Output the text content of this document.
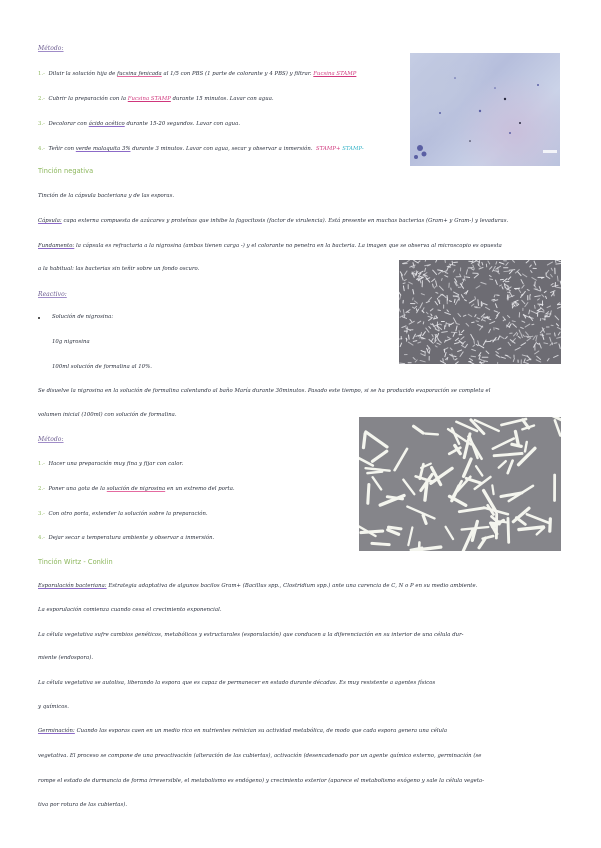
Método:
1.- Diluir la solución hija de fucsina fenicada al 1/5 con PBS (1 parte de colorante y 4 PBS) y filtrar. Fucsina STAMP
2.- Cubrir la preparación con la Fucsina STAMP durante 15 minutos. Lavar con agua.
3.- Decolorar con ácido acético durante 15-20 segundos. Lavar con agua.
4.- Teñir con verde malaquita 3% durante 3 minutos. Lavar con agua, secar y observar a inmersión. STAMP+ STAMP-
Tinción negativa
Tinción de la cápsula bacteriana y de las esporas.
Cápsula: capa externa compuesta de azúcares y proteínas que inhibe la fagocitosis (factor de virulencia). Está presente en muchas bacterias (Gram+ y Gram-) y levaduras.
Fundamento: la cápsula es refractaria a la nigrosina (ambas tienen carga -) y el colorante no penetra en la bacteria. La imagen que se observa al microscopio es opuesta
a la habitual: las bacterias sin teñir sobre un fondo oscuro.
Reactivo:
Solución de nigrosina:
10g nigrosina
100ml solución de formalina al 10%.
Se disuelve la nigrosina en la solución de formalina calentando al baño María durante 30minutos. Pasado este tiempo, si se ha producido evaporación se completa el
volumen inicial (100ml) con solución de formalina.
Método:
1.- Hacer una preparación muy fina y fijar con calor.
2.- Poner una gota de la solución de nigrosina en un extremo del porta.
3.- Con otro porta, extender la solución sobre la preparación.
4.- Dejar secar a temperatura ambiente y observar a inmersión.
Tinción Wirtz - Conklin
Esporulación bacteriana: Estrategia adaptativa de algunos bacilos Gram+ (Bacillus spp., Clostridium spp.) ante una carencia de C, N o P en su medio ambiente.
La esporulación comienza cuando cesa el crecimiento exponencial.
La célula vegetativa sufre cambios genéticos, metabólicos y estructurales (esporulación) que conducen a la diferenciación en su interior de una célula dur-
miente (endospora).
La célula vegetativa se autolisa, liberando la espora que es capaz de permanecer en estado durante décadas. Es muy resistente a agentes físicos
y químicos.
Germinación: Cuando las esporas caen en un medio rico en nutrientes reinician su actividad metabólica, de modo que cada espora genera una célula
vegetativa. El proceso se compone de una preactivación (alteración de las cubiertas), activación (desencadenado por un agente químico externo, germinación (se
rompe el estado de durmancia de forma irreversible, el metabolismo es endógeno) y crecimiento exterior (aparece el metabolismo exógeno y sale la célula vegeta-
tiva por rotura de las cubiertas).
